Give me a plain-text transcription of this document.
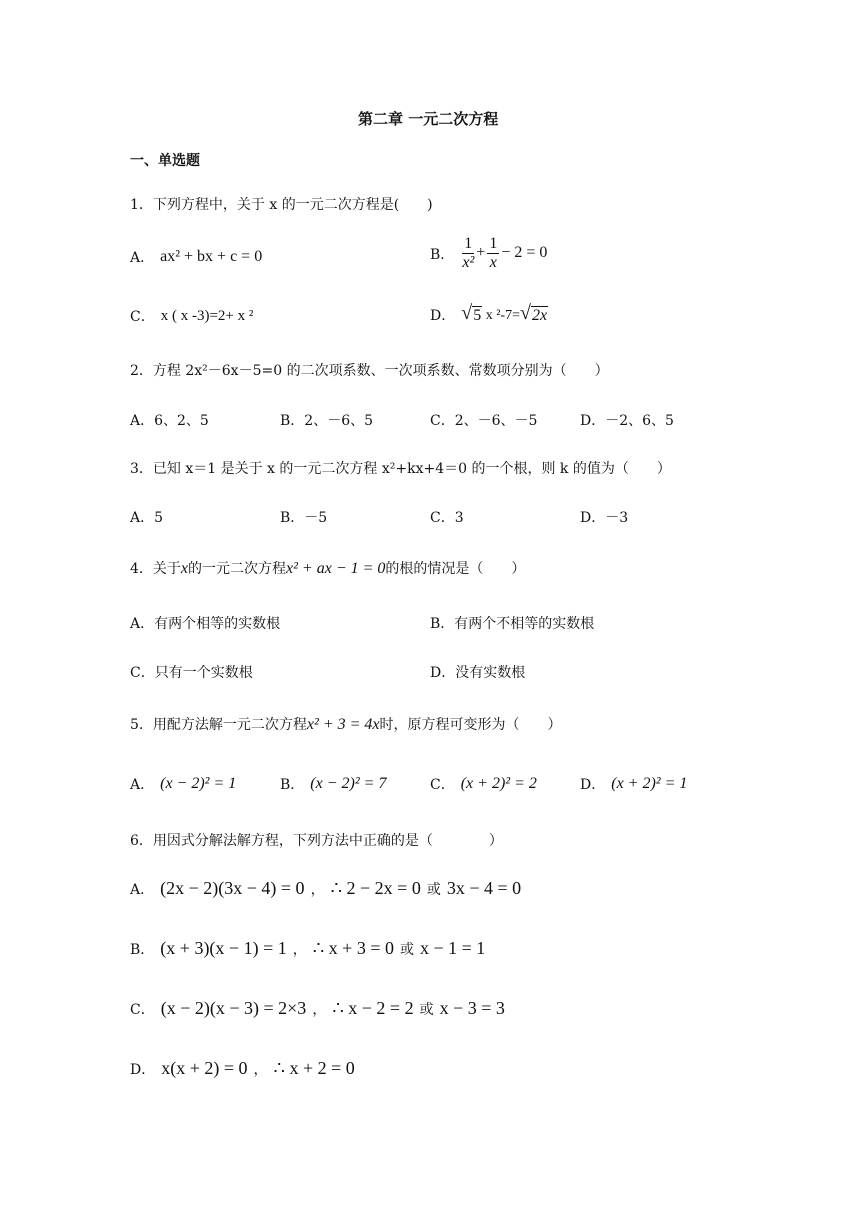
第二章 一元二次方程
一、单选题
1．下列方程中，关于 x 的一元二次方程是(　　)
A． ax² + bx + c = 0	B． $\frac{1}{\text{x²}} + \frac{1}{x} - 2 = 0$
C． x ( x -3)=2+ x ²	D． √ 5 x ²-7= √ 2x
2．方程 2x²－6x－5=0 的二次项系数、一次项系数、常数项分别为（　　）
A．6、2、5	B．2、－6、5	C．2、－6、－5	D．－2、6、5
3．已知 x＝1 是关于 x 的一元二次方程 x²+kx+4＝0 的一个根，则 k 的值为（　　）
A．5	B．－5	C．3	D．－3
4．关于x的一元二次方程x² + ax − 1 = 0的根的情况是（　　）
A．有两个相等的实数根	B．有两个不相等的实数根
C．只有一个实数根	D．没有实数根
5．用配方法解一元二次方程x² + 3 = 4x时，原方程可变形为（　　）
A． (x − 2)² = 1	B． (x − 2)² = 7	C． (x + 2)² = 2	D． (x + 2)² = 1
6．用因式分解法解方程，下列方法中正确的是（　　　　）
A． (2x − 2)(3x − 4) = 0 ， ∴ 2 − 2x = 0 或 3x − 4 = 0
B． (x + 3)(x − 1) = 1 ， ∴ x + 3 = 0 或 x − 1 = 1
C． (x − 2)(x − 3) = 2×3 ， ∴ x − 2 = 2 或 x − 3 = 3
D． x(x + 2) = 0 ， ∴ x + 2 = 0
